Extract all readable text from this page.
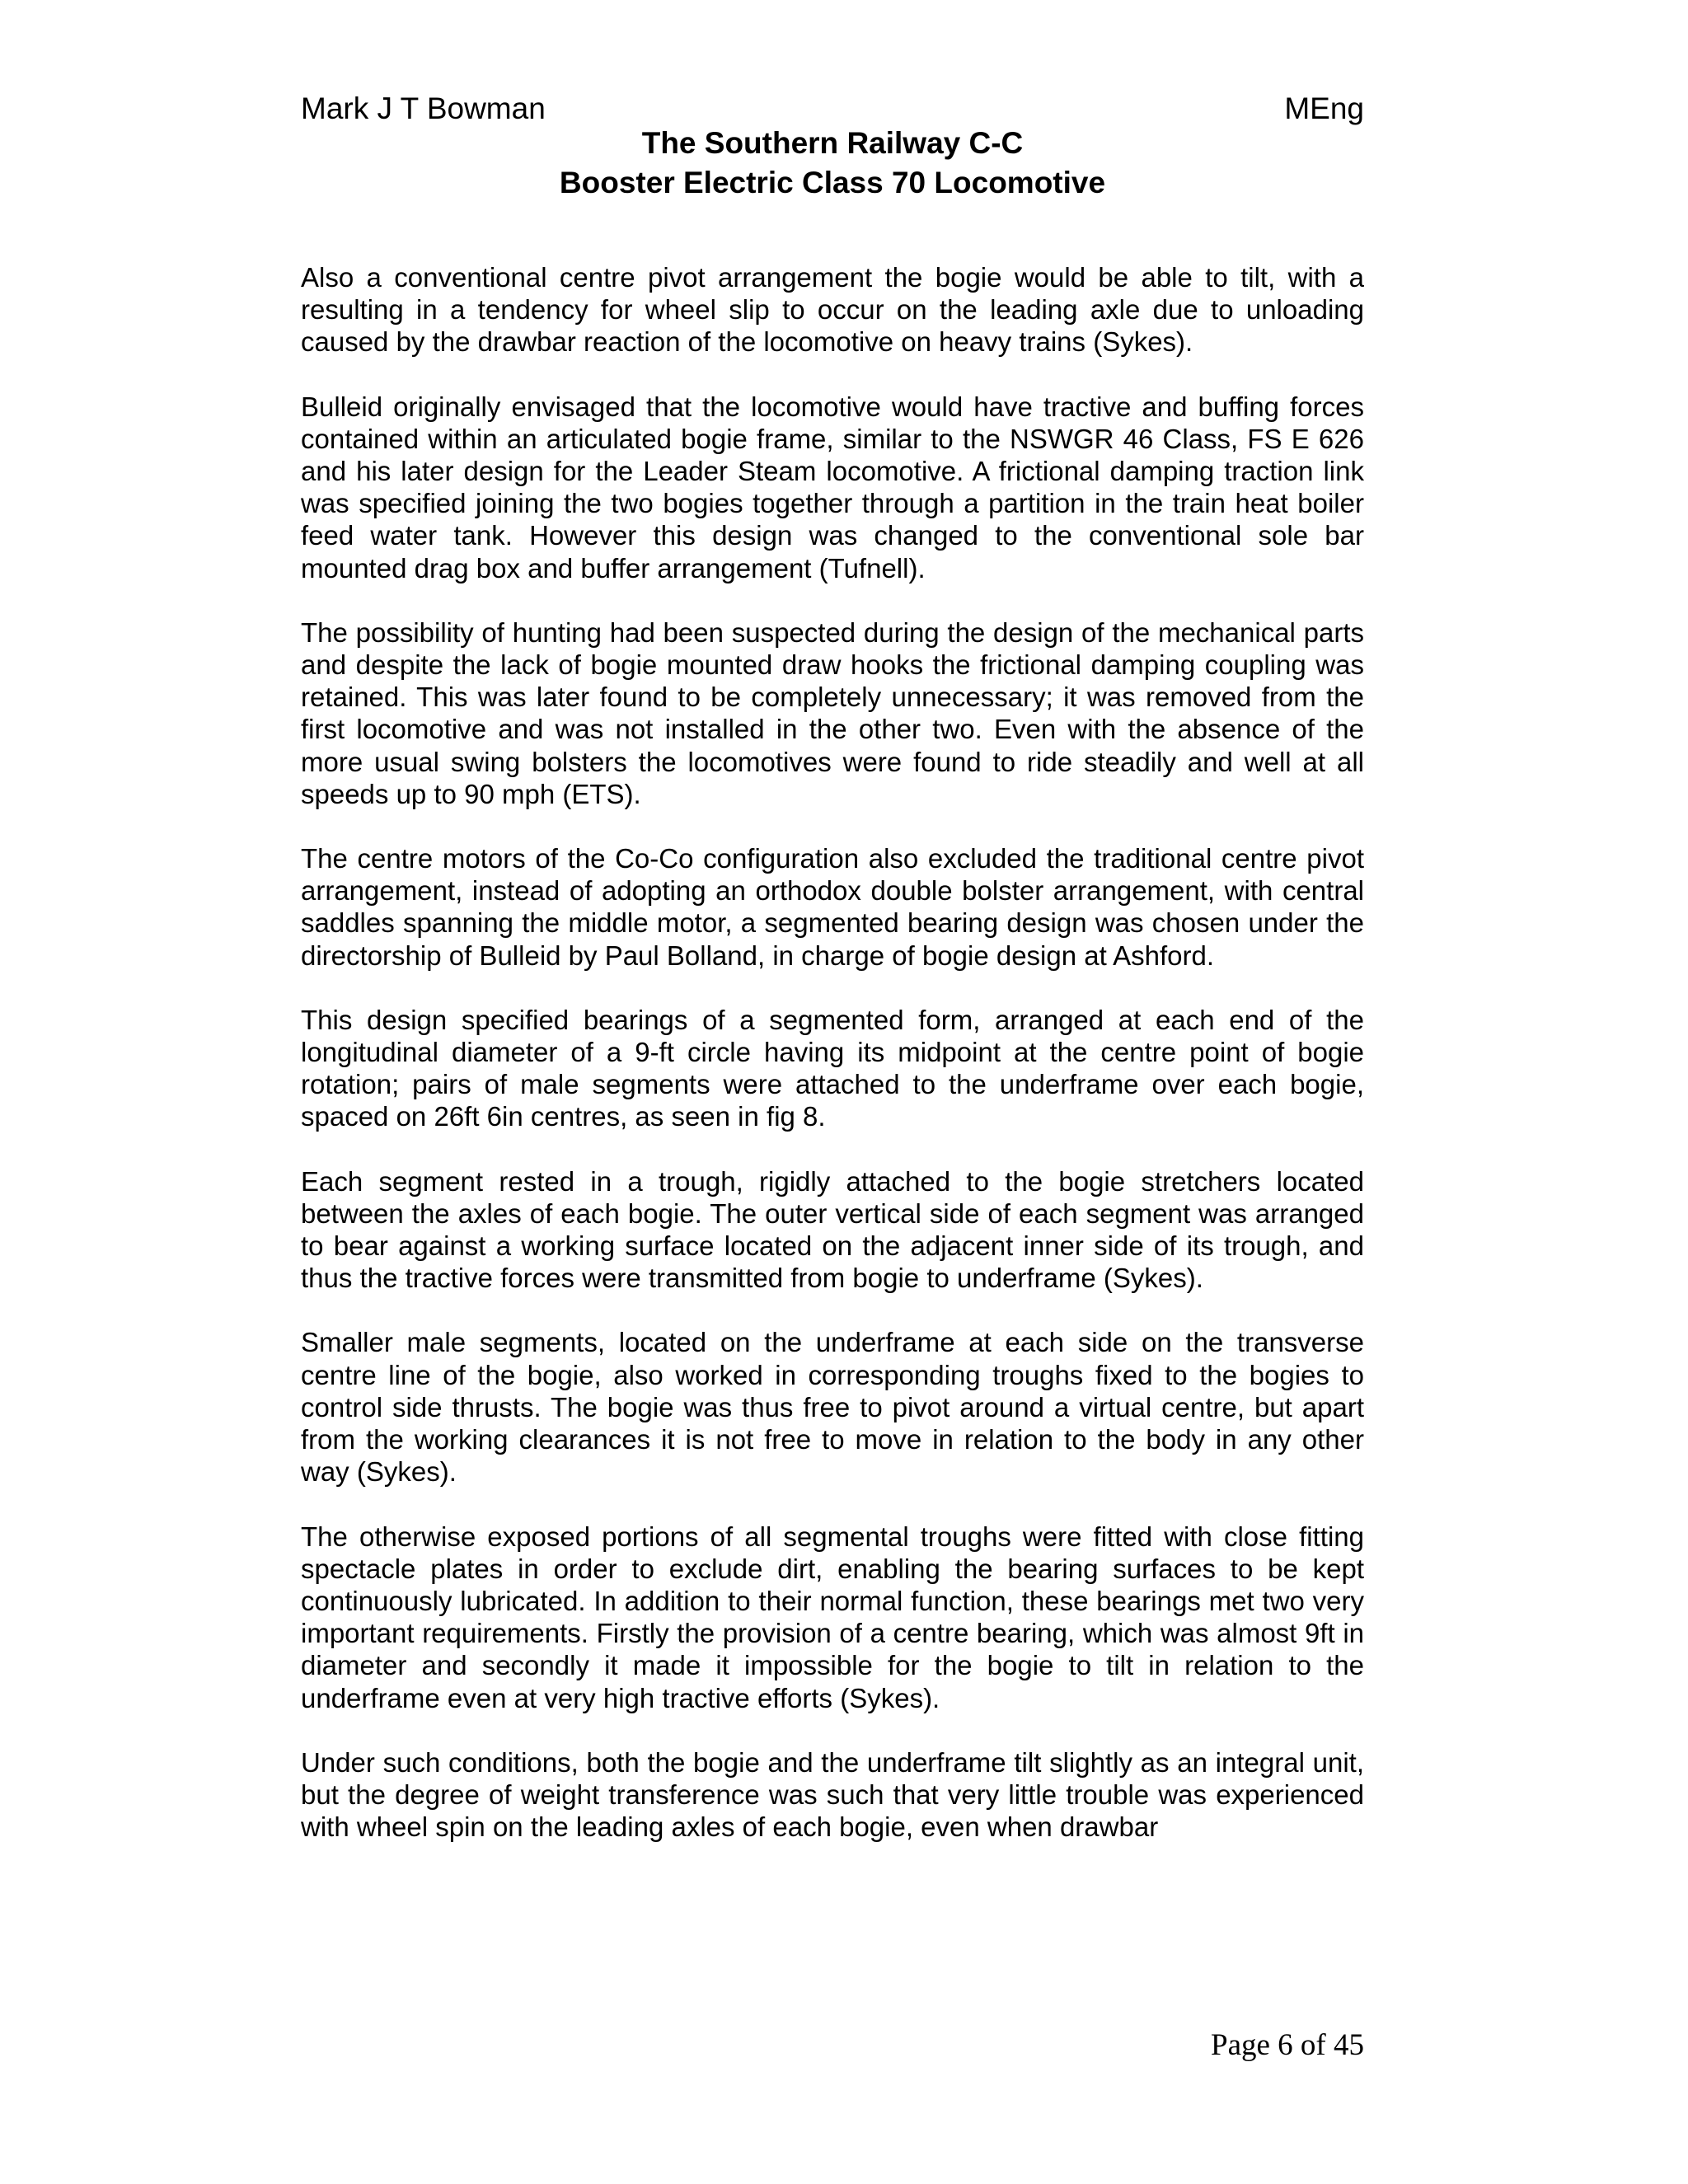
Mark J T Bowman	MEng
The Southern Railway C-C
Booster Electric Class 70 Locomotive

Also a conventional centre pivot arrangement the bogie would be able to tilt, with a resulting in a tendency for wheel slip to occur on the leading axle due to unloading caused by the drawbar reaction of the locomotive on heavy trains (Sykes).

Bulleid originally envisaged that the locomotive would have tractive and buffing forces contained within an articulated bogie frame, similar to the NSWGR 46 Class, FS E 626 and his later design for the Leader Steam locomotive. A frictional damping traction link was specified joining the two bogies together through a partition in the train heat boiler feed water tank. However this design was changed to the conventional sole bar mounted drag box and buffer arrangement (Tufnell).

The possibility of hunting had been suspected during the design of the mechanical parts and despite the lack of bogie mounted draw hooks the frictional damping coupling was retained. This was later found to be completely unnecessary; it was removed from the first locomotive and was not installed in the other two. Even with the absence of the more usual swing bolsters the locomotives were found to ride steadily and well at all speeds up to 90 mph (ETS).

The centre motors of the Co-Co configuration also excluded the traditional centre pivot arrangement, instead of adopting an orthodox double bolster arrangement, with central saddles spanning the middle motor, a segmented bearing design was chosen under the directorship of Bulleid by Paul Bolland, in charge of bogie design at Ashford.

This design specified bearings of a segmented form, arranged at each end of the longitudinal diameter of a 9-ft circle having its midpoint at the centre point of bogie rotation; pairs of male segments were attached to the underframe over each bogie, spaced on 26ft 6in centres, as seen in fig 8.

Each segment rested in a trough, rigidly attached to the bogie stretchers located between the axles of each bogie. The outer vertical side of each segment was arranged to bear against a working surface located on the adjacent inner side of its trough, and thus the tractive forces were transmitted from bogie to underframe (Sykes).

Smaller male segments, located on the underframe at each side on the transverse centre line of the bogie, also worked in corresponding troughs fixed to the bogies to control side thrusts. The bogie was thus free to pivot around a virtual centre, but apart from the working clearances it is not free to move in relation to the body in any other way (Sykes).

The otherwise exposed portions of all segmental troughs were fitted with close fitting spectacle plates in order to exclude dirt, enabling the bearing surfaces to be kept continuously lubricated. In addition to their normal function, these bearings met two very important requirements. Firstly the provision of a centre bearing, which was almost 9ft in diameter and secondly it made it impossible for the bogie to tilt in relation to the underframe even at very high tractive efforts (Sykes).

Under such conditions, both the bogie and the underframe tilt slightly as an integral unit, but the degree of weight transference was such that very little trouble was experienced with wheel spin on the leading axles of each bogie, even when drawbar

Page 6 of 45
